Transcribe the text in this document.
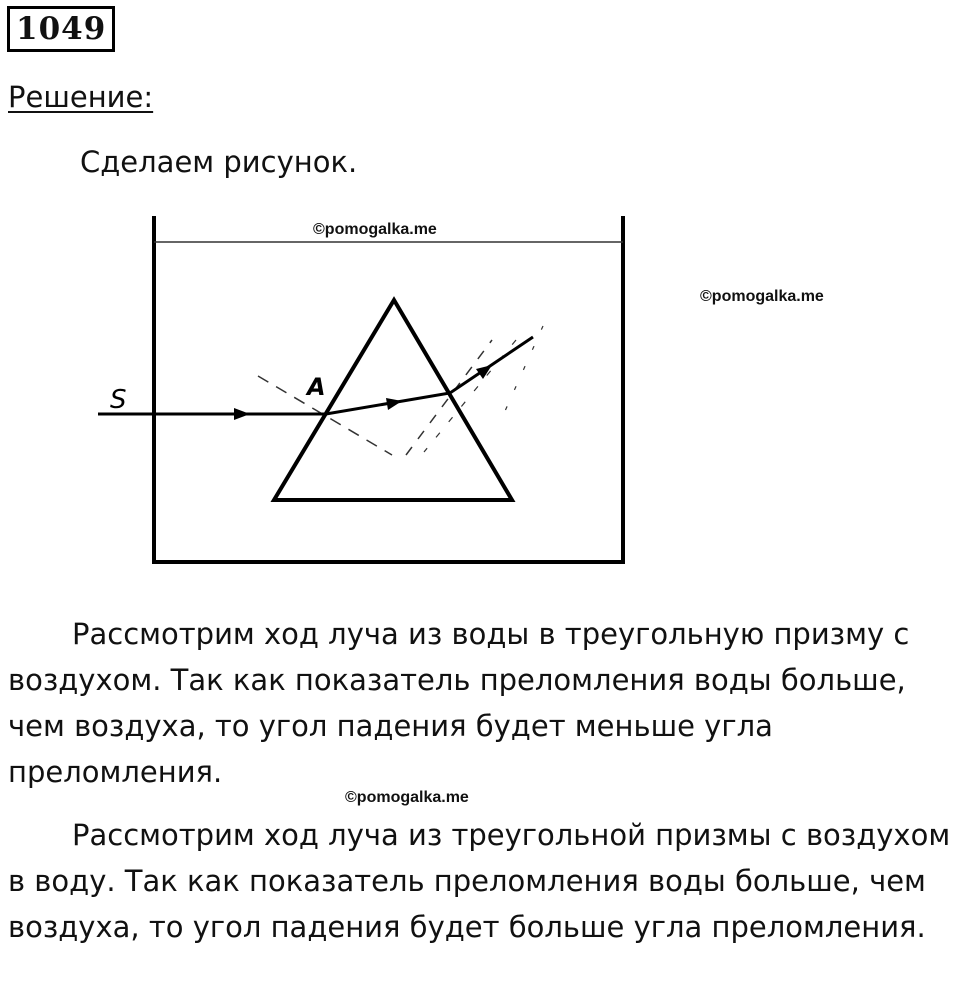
1049
Решение:
Сделаем рисунок.
S	A
©pomogalka.me
©pomogalka.me
©pomogalka.me

Рассмотрим ход луча из воды в треугольную призму с воздухом. Так как показатель преломления воды больше, чем воздуха, то угол падения будет меньше угла преломления.

Рассмотрим ход луча из треугольной призмы с воздухом в воду. Так как показатель преломления воды больше, чем воздуха, то угол падения будет больше угла преломления.
